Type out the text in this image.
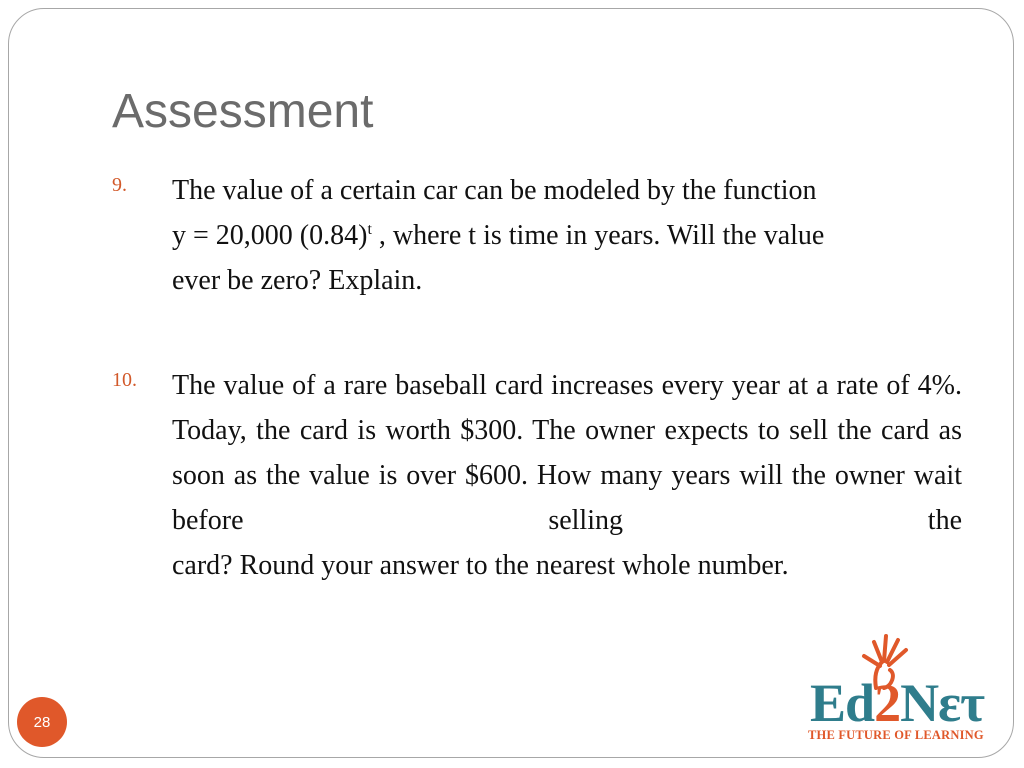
Assessment
9. The value of a certain car can be modeled by the function
y = 20,000 $(0.84)^t$ , where t is time in years. Will the value
ever be zero? Explain.
10. The value of a rare baseball card increases every year at a rate of 4%. Today, the card is worth $300. The owner expects to sell the card as soon as the value is over $600. How many years will the owner wait before selling the
card? Round your answer to the nearest whole number.
28	Ed2Nετ
THE FUTURE OF LEARNING
